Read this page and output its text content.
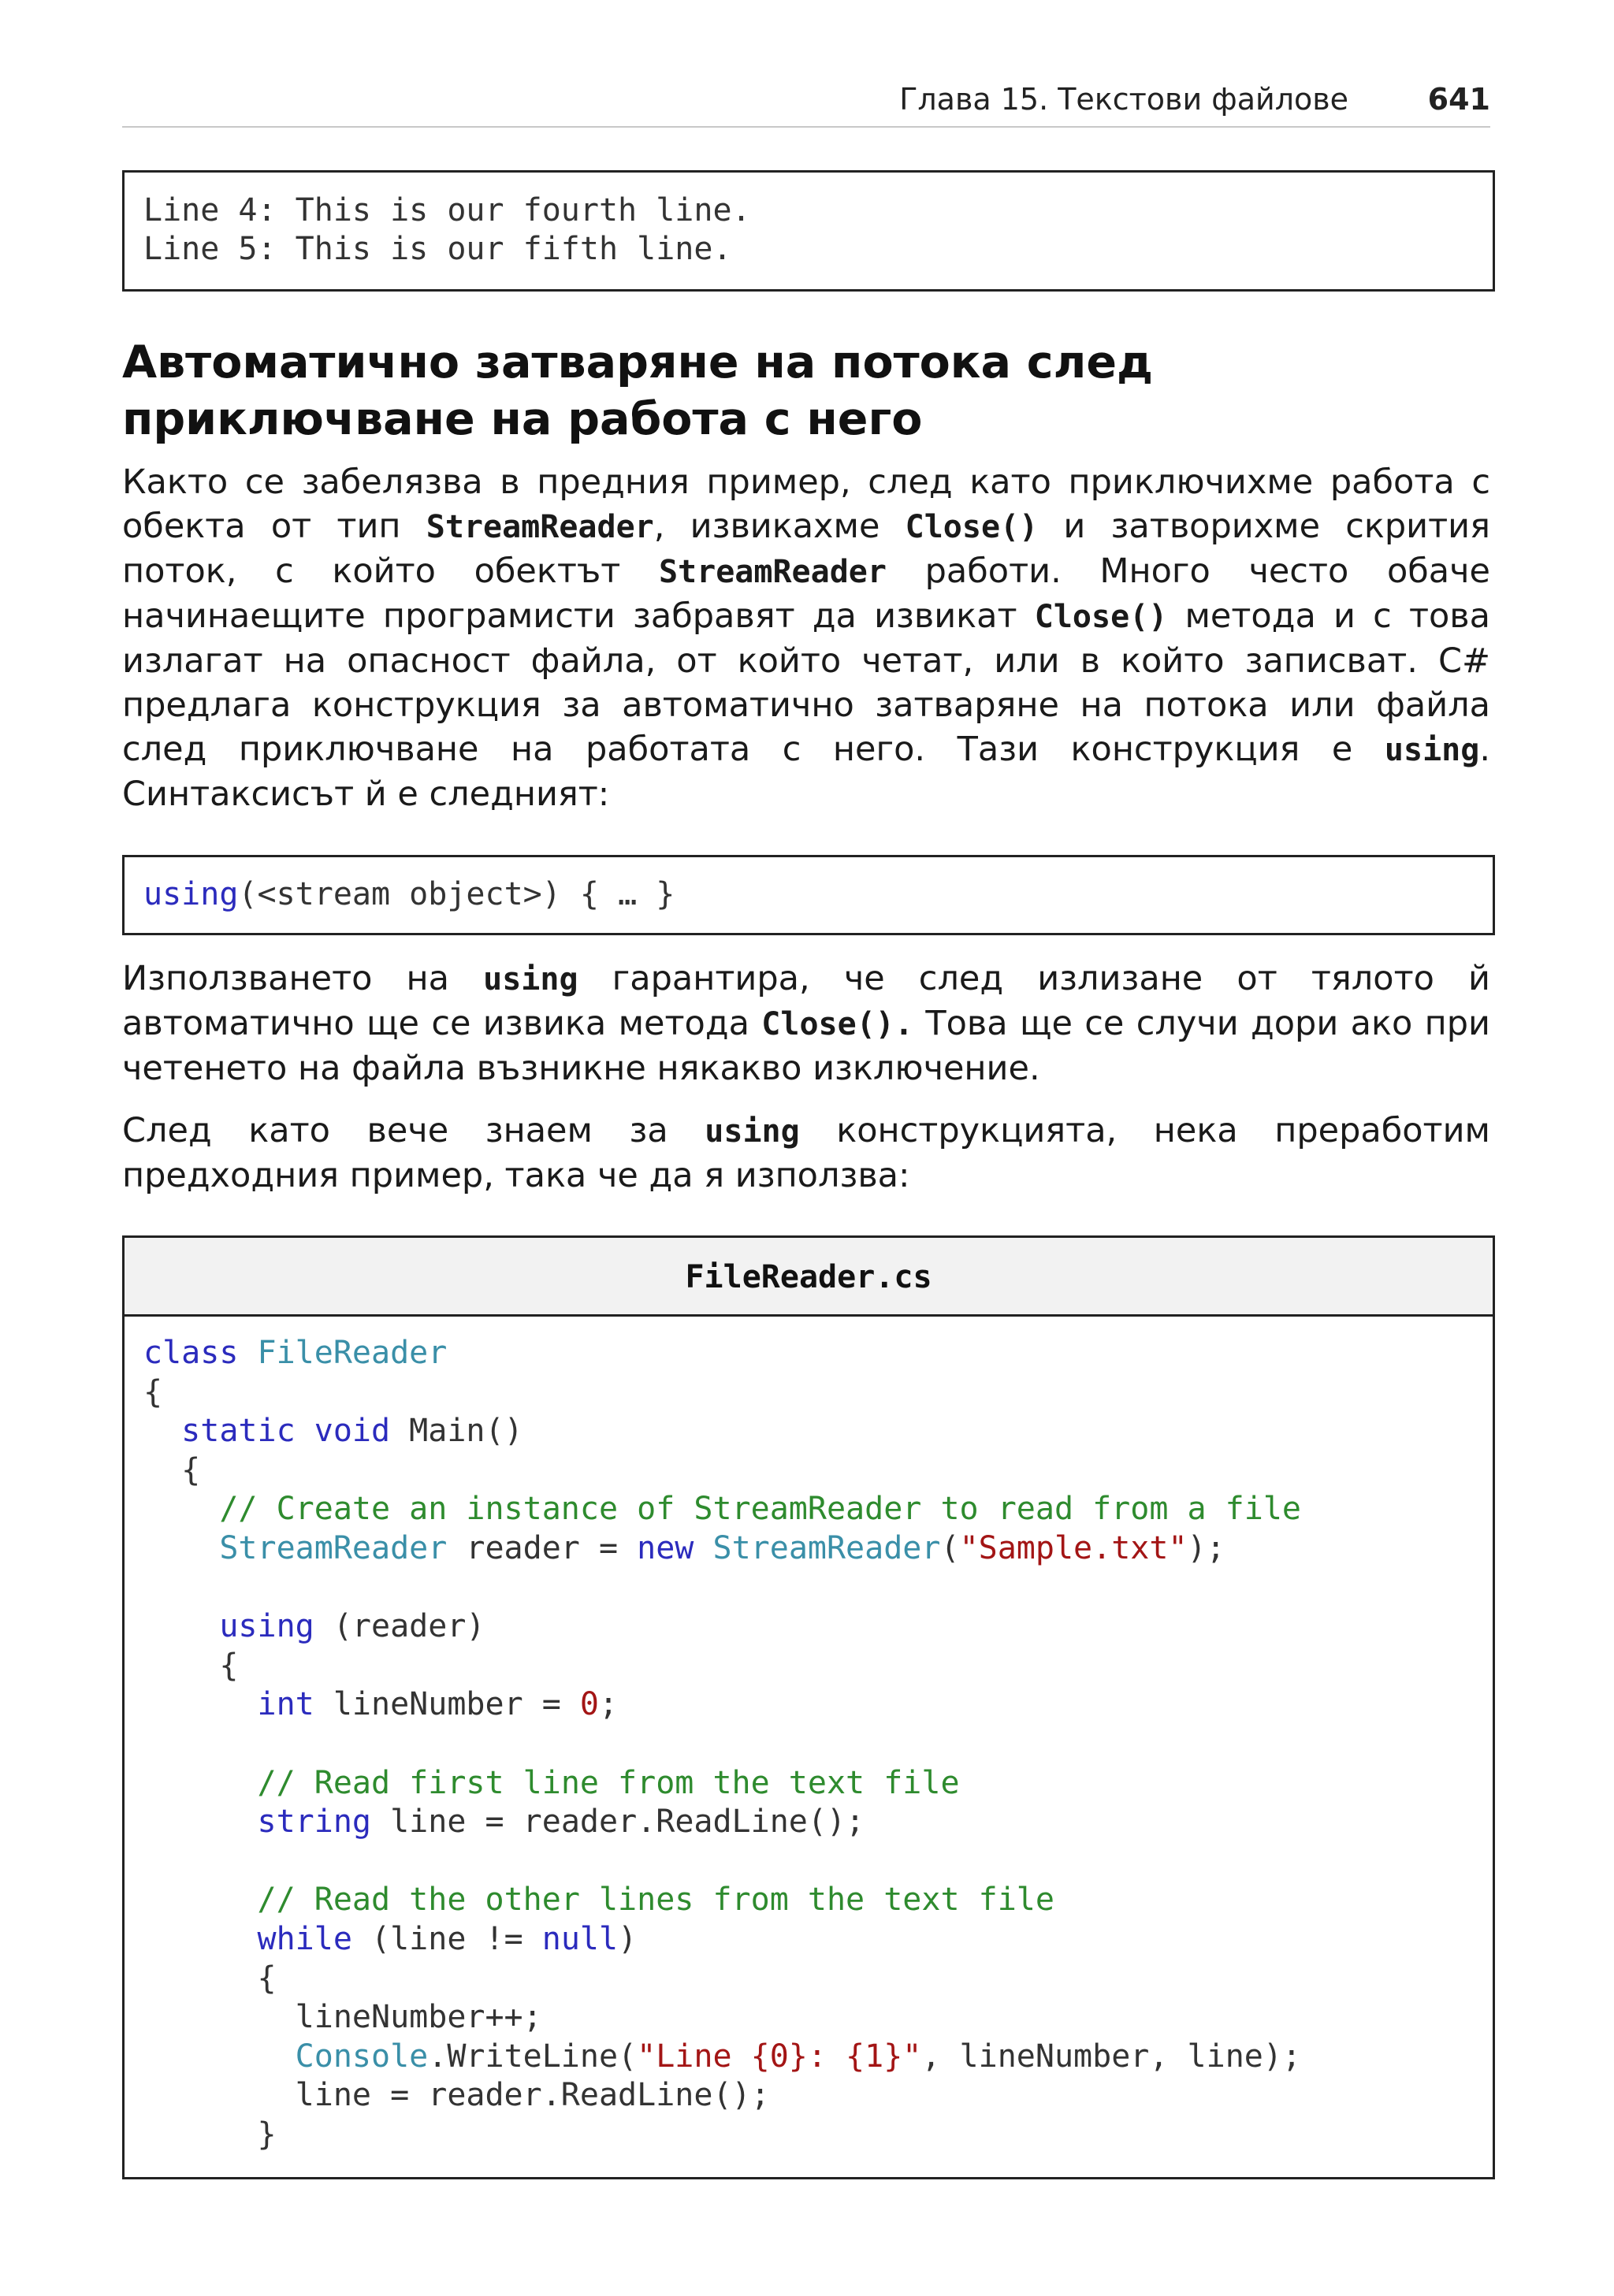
Глава 15. Текстови файлове	641
Line 4: This is our fourth line.
Line 5: This is our fifth line.
Автоматично затваряне на потока след приключване на работа с него
Както се забелязва в предния пример, след като приключихме работа с обекта от тип StreamReader, извикахме Close() и затворихме скрития поток, с който обектът StreamReader работи. Много често обаче начинаещите програмисти забравят да извикат Close() метода и с това излагат на опасност файла, от който четат, или в който записват. C# предлага конструкция за автоматично затваряне на потока или файла след приключване на работата с него. Тази конструкция е using. Синтаксисът й е следният:
using(<stream object>) { … }
Използването на using гарантира, че след излизане от тялото й автоматично ще се извика метода Close(). Това ще се случи дори ако при четенето на файла възникне някакво изключение.
След като вече знаем за using конструкцията, нека преработим предходния пример, така че да я използва:
FileReader.cs
class FileReader
{
static void Main()
{
// Create an instance of StreamReader to read from a file
StreamReader reader = new StreamReader("Sample.txt");
using (reader)
{
int lineNumber = 0;
// Read first line from the text file
string line = reader.ReadLine();
// Read the other lines from the text file
while (line != null)
{
lineNumber++;
Console.WriteLine("Line {0}: {1}", lineNumber, line);
line = reader.ReadLine();
}
